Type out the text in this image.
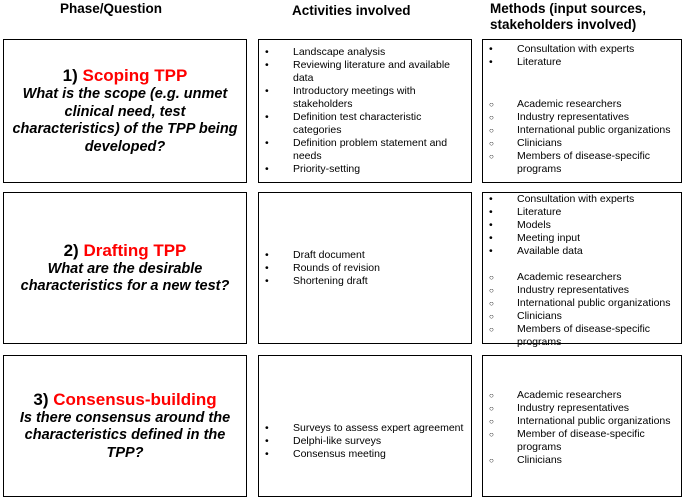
Phase/Question	Activities involved	Methods (input sources,
stakeholders involved)
1) Scoping TPP
What is the scope (e.g. unmet clinical need, test characteristics) of the TPP being developed?
• Landscape analysis
• Reviewing literature and available data
• Introductory meetings with stakeholders
• Definition test characteristic categories
• Definition problem statement and needs
• Priority-setting
• Consultation with experts
• Literature
○ Academic researchers
○ Industry representatives
○ International public organizations
○ Clinicians
○ Members of disease-specific programs
2) Drafting TPP
What are the desirable characteristics for a new test?
• Draft document
• Rounds of revision
• Shortening draft
• Consultation with experts
• Literature
• Models
• Meeting input
• Available data
○ Academic researchers
○ Industry representatives
○ International public organizations
○ Clinicians
○ Members of disease-specific programs
3) Consensus-building
Is there consensus around the characteristics defined in the TPP?
• Surveys to assess expert agreement
• Delphi-like surveys
• Consensus meeting
○ Academic researchers
○ Industry representatives
○ International public organizations
○ Member of disease-specific programs
○ Clinicians
